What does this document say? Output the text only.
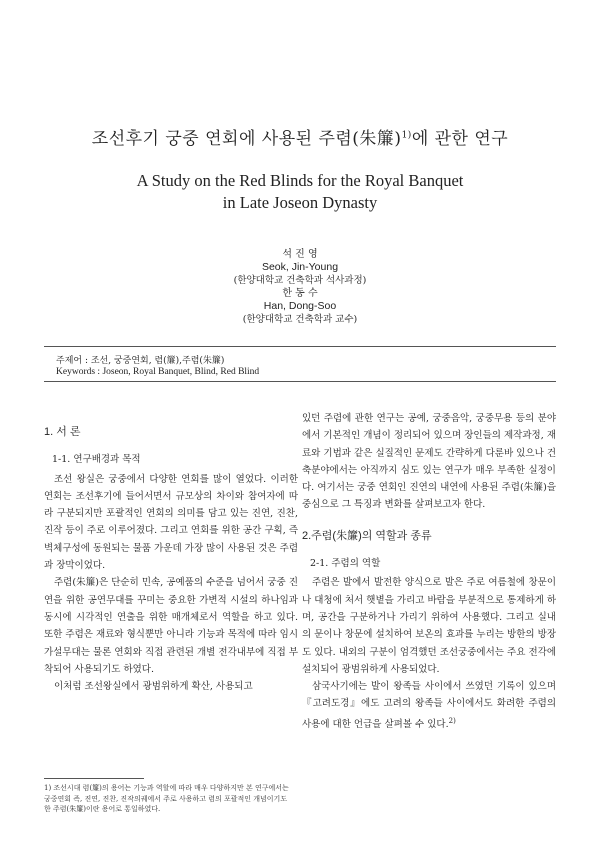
조선후기 궁중 연회에 사용된 주렴(朱簾)$^{1)}$에 관한 연구
A Study on the Red Blinds for the Royal Banquet
in Late Joseon Dynasty
석 진 영
Seok, Jin-Young
(한양대학교 건축학과 석사과정)
한 동 수
Han, Dong-Soo
(한양대학교 건축학과 교수)
주제어 : 조선, 궁중연회, 렴(簾),주렴(朱簾)
Keywords : Joseon, Royal Banquet, Blind, Red Blind
1. 서 론
1-1. 연구배경과 목적

조선 왕실은 궁중에서 다양한 연회를 많이 열었다. 이러한 연회는 조선후기에 들어서면서 규모상의 차이와 참여자에 따라 구분되지만 포괄적인 연회의 의미를 담고 있는 진연, 진찬, 진작 등이 주로 이루어졌다. 그리고 연회를 위한 공간 구획, 즉 벽체구성에 동원되는 물품 가운데 가장 많이 사용된 것은 주렴과 장막이었다.

주렴(朱簾)은 단순히 민속, 공예품의 수준을 넘어서 궁중 진연을 위한 공연무대를 꾸미는 중요한 가변적 시설의 하나임과 동시에 시각적인 연출을 위한 매개체로서 역할을 하고 있다. 또한 주렴은 재료와 형식뿐만 아니라 기능과 목적에 따라 임시가설무대는 물론 연회와 직접 관련된 개별 전각내부에 직접 부착되어 사용되기도 하였다.

이처럼 조선왕실에서 광범위하게 확산, 사용되고

있던 주렴에 관한 연구는 공예, 궁중음악, 궁중무용 등의 분야에서 기본적인 개념이 정리되어 있으며 장인들의 제작과정, 재료와 기법과 같은 실질적인 문제도 간략하게 다룬바 있으나 건축분야에서는 아직까지 심도 있는 연구가 매우 부족한 실정이다. 여기서는 궁중 연회인 진연의 내연에 사용된 주렴(朱簾)을 중심으로 그 특징과 변화를 살펴보고자 한다.

2.주렴(朱簾)의 역할과 종류
2-1. 주렴의 역할

주렴은 발에서 발전한 양식으로 발은 주로 여름철에 창문이나 대청에 처서 햇볕을 가리고 바람을 부분적으로 통제하게 하며, 공간을 구분하거나 가리기 위하여 사용했다. 그리고 실내의 문이나 창문에 설치하여 보온의 효과를 누리는 방한의 방장도 있다. 내외의 구분이 엄격했던 조선궁중에서는 주요 전각에 설치되어 광범위하게 사용되었다.

삼국사기에는 발이 왕족들 사이에서 쓰였던 기록이 있으며 『고려도경』에도 고려의 왕족들 사이에서도 화려한 주렴의 사용에 대한 언급을 살펴볼 수 있다.$^{2)}$

1) 조선시대 렴(簾)의 용어는 기능과 역할에 따라 매우 다양하지만 본 연구에서는 궁중연회 즉, 진연, 진찬, 진작의궤에서 주로 사용하고 렴의 포괄적인 개념이기도 한 주렴(朱簾)이란 용어로 통일하였다.
